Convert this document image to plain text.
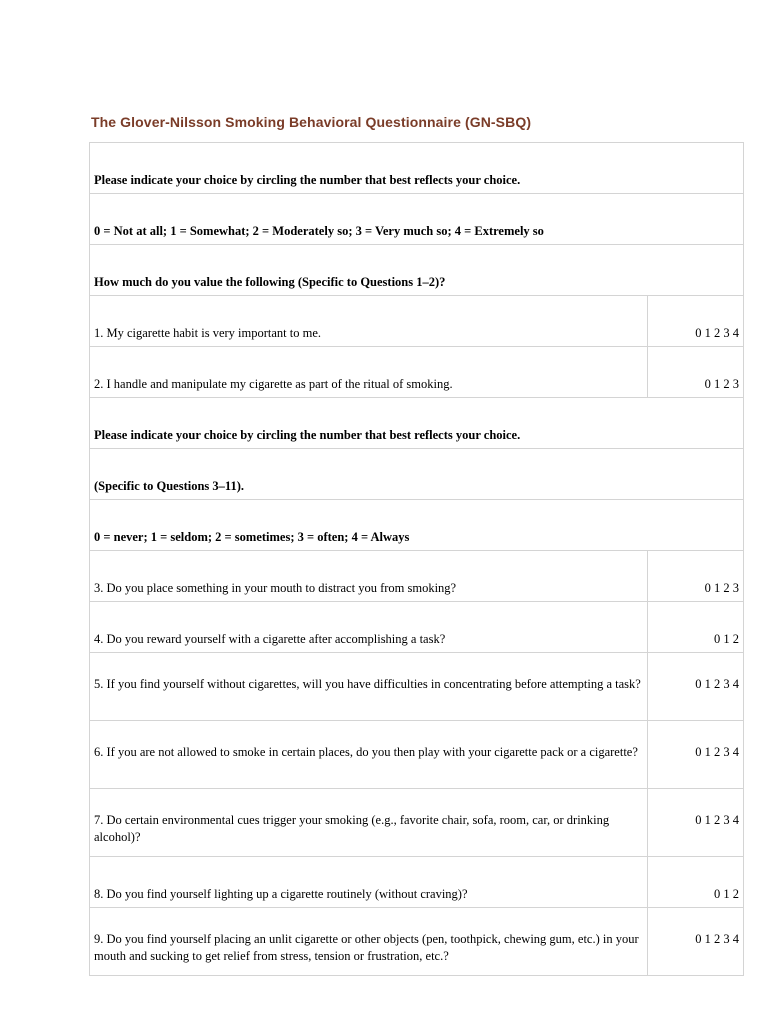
The Glover-Nilsson Smoking Behavioral Questionnaire (GN-SBQ)
Please indicate your choice by circling the number that best reflects your choice.	
0 = Not at all; 1 = Somewhat; 2 = Moderately so; 3 = Very much so; 4 = Extremely so	
How much do you value the following (Specific to Questions 1–2)?	
1. My cigarette habit is very important to me.	0 1 2 3 4
2. I handle and manipulate my cigarette as part of the ritual of smoking.	0 1 2 3
Please indicate your choice by circling the number that best reflects your choice.	
(Specific to Questions 3–11).	
0 = never; 1 = seldom; 2 = sometimes; 3 = often; 4 = Always	
3. Do you place something in your mouth to distract you from smoking?	0 1 2 3
4. Do you reward yourself with a cigarette after accomplishing a task?	0 1 2

5. If you find yourself without cigarettes, will you have difficulties in concentrating before attempting a task?	0 1 2 3 4

6. If you are not allowed to smoke in certain places, do you then play with your cigarette pack or a cigarette?	0 1 2 3 4

7. Do certain environmental cues trigger your smoking (e.g., favorite chair, sofa, room, car, or drinking alcohol)?	0 1 2 3 4
8. Do you find yourself lighting up a cigarette routinely (without craving)?	0 1 2

9. Do you find yourself placing an unlit cigarette or other objects (pen, toothpick, chewing gum, etc.) in your mouth and sucking to get relief from stress, tension or frustration, etc.?	0 1 2 3 4
